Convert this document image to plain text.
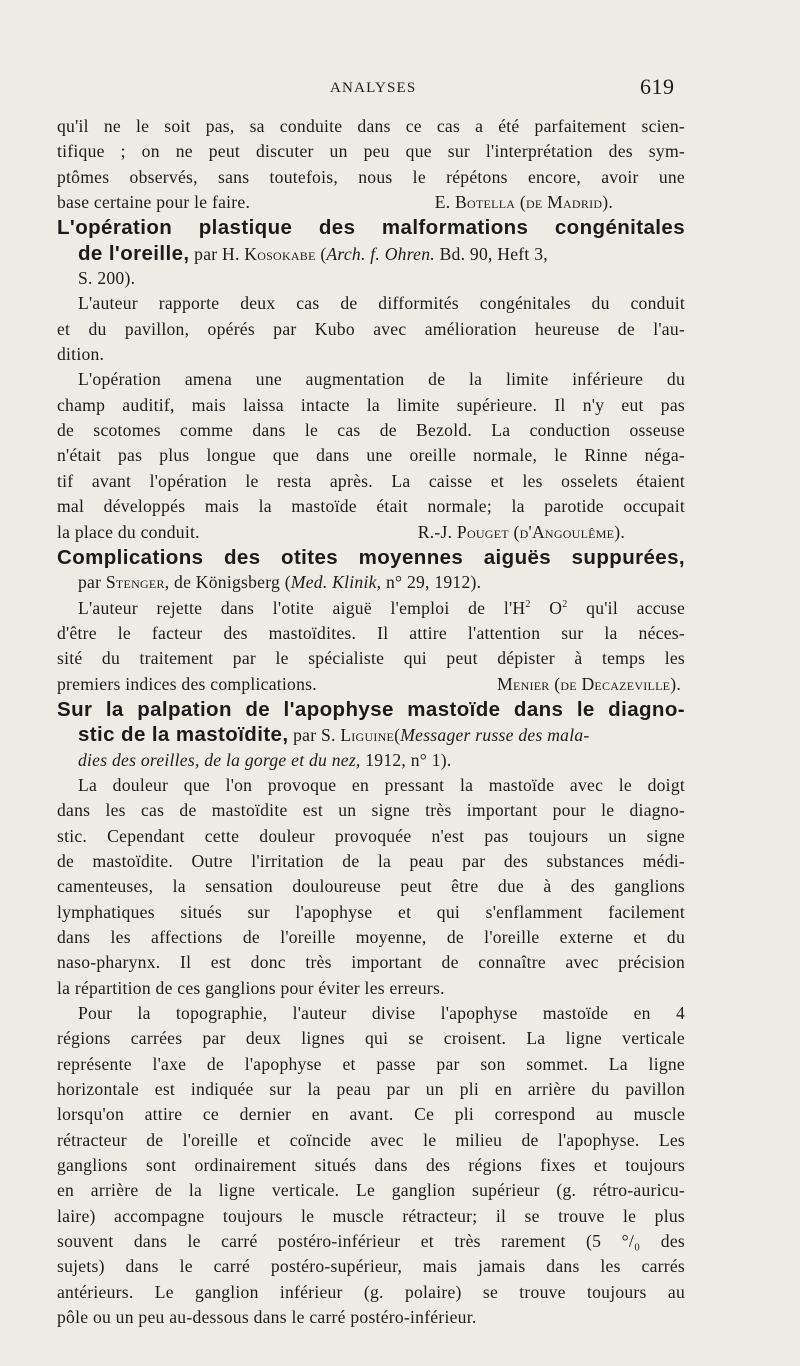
ANALYSES	619
qu'il ne le soit pas, sa conduite dans ce cas a été parfaitement scien-
tifique ; on ne peut discuter un peu que sur l'interprétation des sym-
ptômes observés, sans toutefois, nous le répétons encore, avoir une
base certaine pour le faire.	E. Botella (de Madrid).
L'opération plastique des malformations congénitales
de l'oreille, par H. Kosokabe (Arch. f. Ohren. Bd. 90, Heft 3,
S. 200).
L'auteur rapporte deux cas de difformités congénitales du conduit
et du pavillon, opérés par Kubo avec amélioration heureuse de l'au-
dition.
L'opération amena une augmentation de la limite inférieure du
champ auditif, mais laissa intacte la limite supérieure. Il n'y eut pas
de scotomes comme dans le cas de Bezold. La conduction osseuse
n'était pas plus longue que dans une oreille normale, le Rinne néga-
tif avant l'opération le resta après. La caisse et les osselets étaient
mal développés mais la mastoïde était normale; la parotide occupait
la place du conduit.	R.-J. Pouget (d'Angoulême).
Complications des otites moyennes aiguës suppurées,
par Stenger, de Königsberg (Med. Klinik, n° 29, 1912).
L'auteur rejette dans l'otite aiguë l'emploi de $l'H^2$ $O^2$ qu'il accuse
d'être le facteur des mastoïdites. Il attire l'attention sur la néces-
sité du traitement par le spécialiste qui peut dépister à temps les
premiers indices des complications.	Menier (de Decazeville).
Sur la palpation de l'apophyse mastoïde dans le diagno-
stic de la mastoïdite, par S. Liguine(Messager russe des mala-
dies des oreilles, de la gorge et du nez, 1912, n° 1).
La douleur que l'on provoque en pressant la mastoïde avec le doigt
dans les cas de mastoïdite est un signe très important pour le diagno-
stic. Cependant cette douleur provoquée n'est pas toujours un signe
de mastoïdite. Outre l'irritation de la peau par des substances médi-
camenteuses, la sensation douloureuse peut être due à des ganglions
lymphatiques situés sur l'apophyse et qui s'enflamment facilement
dans les affections de l'oreille moyenne, de l'oreille externe et du
naso-pharynx. Il est donc très important de connaître avec précision
la répartition de ces ganglions pour éviter les erreurs.
Pour la topographie, l'auteur divise l'apophyse mastoïde en 4
régions carrées par deux lignes qui se croisent. La ligne verticale
représente l'axe de l'apophyse et passe par son sommet. La ligne
horizontale est indiquée sur la peau par un pli en arrière du pavillon
lorsqu'on attire ce dernier en avant. Ce pli correspond au muscle
rétracteur de l'oreille et coïncide avec le milieu de l'apophyse. Les
ganglions sont ordinairement situés dans des régions fixes et toujours
en arrière de la ligne verticale. Le ganglion supérieur (g. rétro-auricu-
laire) accompagne toujours le muscle rétracteur; il se trouve le plus
souvent dans le carré postéro-inférieur et très rarement (5 °/₀ des
sujets) dans le carré postéro-supérieur, mais jamais dans les carrés
antérieurs. Le ganglion inférieur (g. polaire) se trouve toujours au
pôle ou un peu au-dessous dans le carré postéro-inférieur.
